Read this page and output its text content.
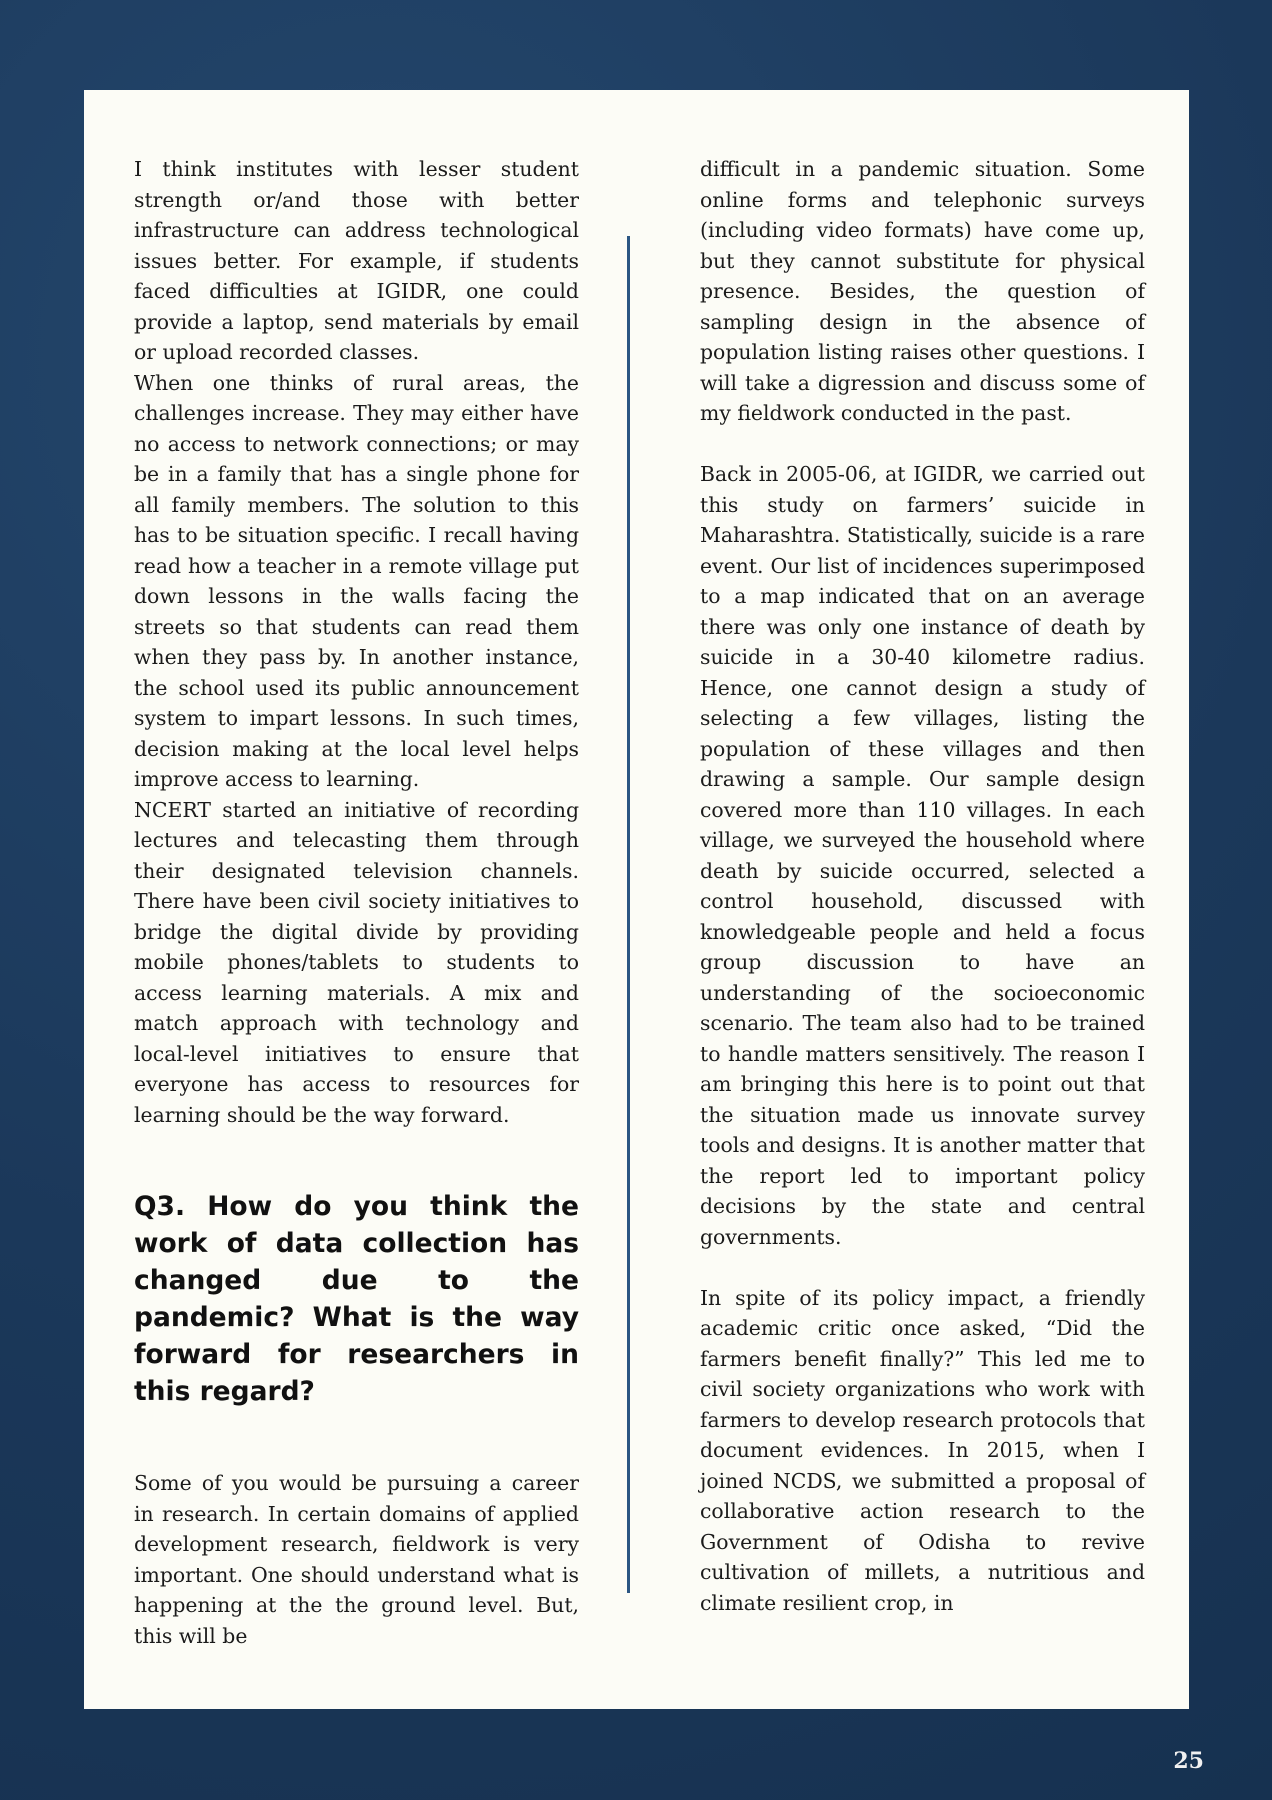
I think institutes with lesser student strength or/and those with better infrastructure can address technological issues better. For example, if students faced difficulties at IGIDR, one could provide a laptop, send materials by email or upload recorded classes.

When one thinks of rural areas, the challenges increase. They may either have no access to network connections; or may be in a family that has a single phone for all family members. The solution to this has to be situation specific. I recall having read how a teacher in a remote village put down lessons in the walls facing the streets so that students can read them when they pass by. In another instance, the school used its public announcement system to impart lessons. In such times, decision making at the local level helps improve access to learning.

NCERT started an initiative of recording lectures and telecasting them through their designated television channels. There have been civil society initiatives to bridge the digital divide by providing mobile phones/tablets to students to access learning materials. A mix and match approach with technology and local-level initiatives to ensure that everyone has access to resources for learning should be the way forward.

Q3. How do you think the work of data collection has changed due to the pandemic? What is the way forward for researchers in this regard?

Some of you would be pursuing a career in research. In certain domains of applied development research, fieldwork is very important. One should understand what is happening at the the ground level. But, this will be

difficult in a pandemic situation. Some online forms and telephonic surveys (including video formats) have come up, but they cannot substitute for physical presence. Besides, the question of sampling design in the absence of population listing raises other questions. I will take a digression and discuss some of my fieldwork conducted in the past.

Back in 2005-06, at IGIDR, we carried out this study on farmers’ suicide in Maharashtra. Statistically, suicide is a rare event. Our list of incidences superimposed to a map indicated that on an average there was only one instance of death by suicide in a 30-40 kilometre radius. Hence, one cannot design a study of selecting a few villages, listing the population of these villages and then drawing a sample. Our sample design covered more than 110 villages. In each village, we surveyed the household where death by suicide occurred, selected a control household, discussed with knowledgeable people and held a focus group discussion to have an understanding of the socioeconomic scenario. The team also had to be trained to handle matters sensitively. The reason I am bringing this here is to point out that the situation made us innovate survey tools and designs. It is another matter that the report led to important policy decisions by the state and central governments.

In spite of its policy impact, a friendly academic critic once asked, “Did the farmers benefit finally?” This led me to civil society organizations who work with farmers to develop research protocols that document evidences. In 2015, when I joined NCDS, we submitted a proposal of collaborative action research to the Government of Odisha to revive cultivation of millets, a nutritious and climate resilient crop, in

25
